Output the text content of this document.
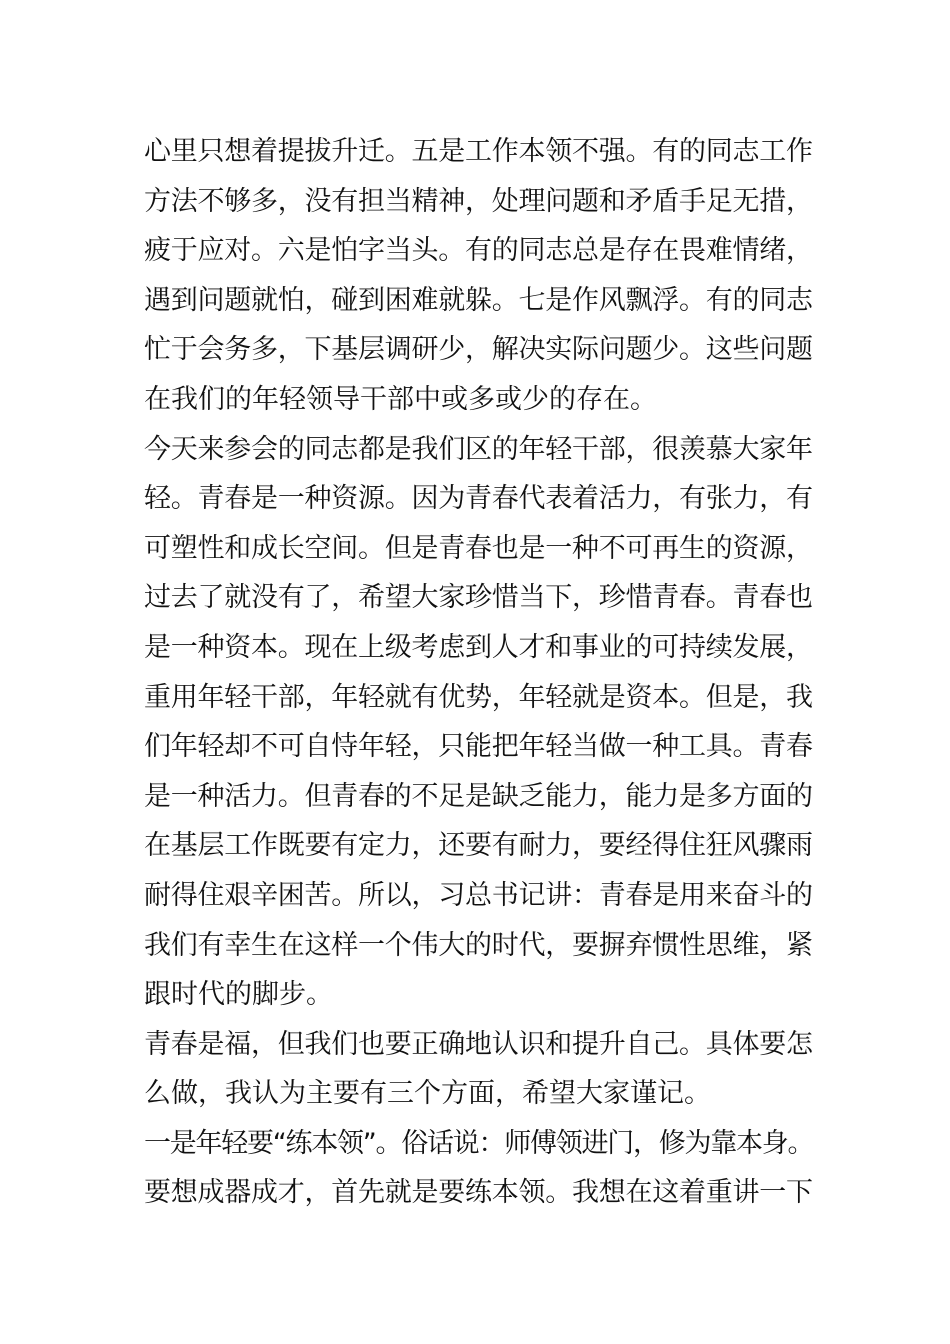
心里只想着提拔升迁。五是工作本领不强。有的同志工作
方法不够多，没有担当精神，处理问题和矛盾手足无措，
疲于应对。六是怕字当头。有的同志总是存在畏难情绪，
遇到问题就怕，碰到困难就躲。七是作风飘浮。有的同志
忙于会务多，下基层调研少，解决实际问题少。这些问题
在我们的年轻领导干部中或多或少的存在。
今天来参会的同志都是我们区的年轻干部，很羡慕大家年
轻。青春是一种资源。因为青春代表着活力，有张力，有
可塑性和成长空间。但是青春也是一种不可再生的资源，
过去了就没有了，希望大家珍惜当下，珍惜青春。青春也
是一种资本。现在上级考虑到人才和事业的可持续发展，
重用年轻干部，年轻就有优势，年轻就是资本。但是，我
们年轻却不可自恃年轻，只能把年轻当做一种工具。青春
是一种活力。但青春的不足是缺乏能力，能力是多方面的
在基层工作既要有定力，还要有耐力，要经得住狂风骤雨
耐得住艰辛困苦。所以，习总书记讲：青春是用来奋斗的
我们有幸生在这样一个伟大的时代，要摒弃惯性思维，紧
跟时代的脚步。
青春是福，但我们也要正确地认识和提升自己。具体要怎
么做，我认为主要有三个方面，希望大家谨记。
一是年轻要“练本领”。俗话说：师傅领进门，修为靠本身。
要想成器成才，首先就是要练本领。我想在这着重讲一下
